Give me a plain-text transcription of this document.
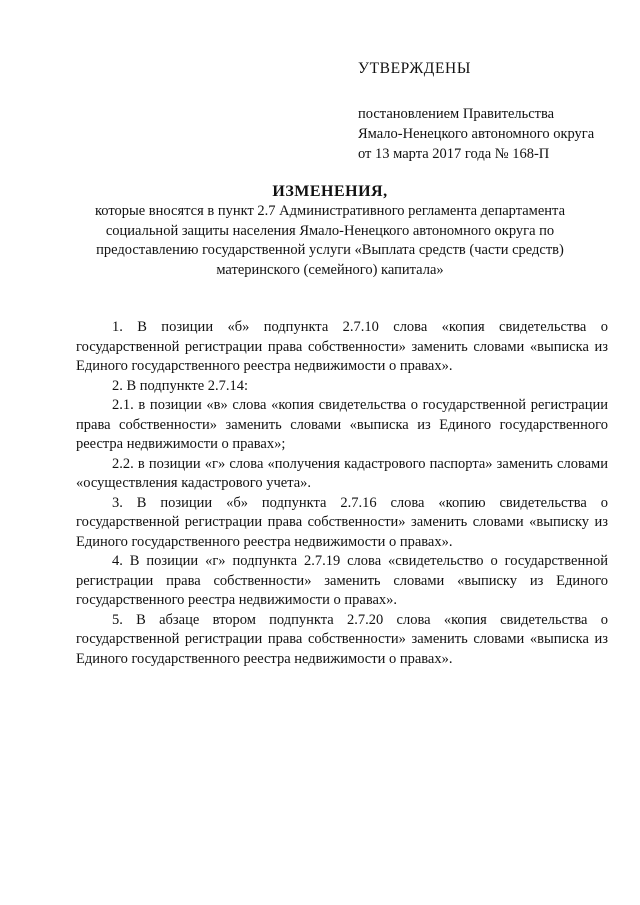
УТВЕРЖДЕНЫ
постановлением Правительства
Ямало-Ненецкого автономного округа
от 13 марта 2017 года № 168-П
ИЗМЕНЕНИЯ,
которые вносятся в пункт 2.7 Административного регламента департамента социальной защиты населения Ямало-Ненецкого автономного округа по предоставлению государственной услуги «Выплата средств (части средств) материнского (семейного) капитала»

1. В позиции «б» подпункта 2.7.10 слова «копия свидетельства о государственной регистрации права собственности» заменить словами «выписка из Единого государственного реестра недвижимости о правах».

2. В подпункте 2.7.14:

2.1. в позиции «в» слова «копия свидетельства о государственной регистрации права собственности» заменить словами «выписка из Единого государственного реестра недвижимости о правах»;

2.2. в позиции «г» слова «получения кадастрового паспорта» заменить словами «осуществления кадастрового учета».

3. В позиции «б» подпункта 2.7.16 слова «копию свидетельства о государственной регистрации права собственности» заменить словами «выписку из Единого государственного реестра недвижимости о правах».

4. В позиции «г» подпункта 2.7.19 слова «свидетельство о государственной регистрации права собственности» заменить словами «выписку из Единого государственного реестра недвижимости о правах».

5. В абзаце втором подпункта 2.7.20 слова «копия свидетельства о государственной регистрации права собственности» заменить словами «выписка из Единого государственного реестра недвижимости о правах».
